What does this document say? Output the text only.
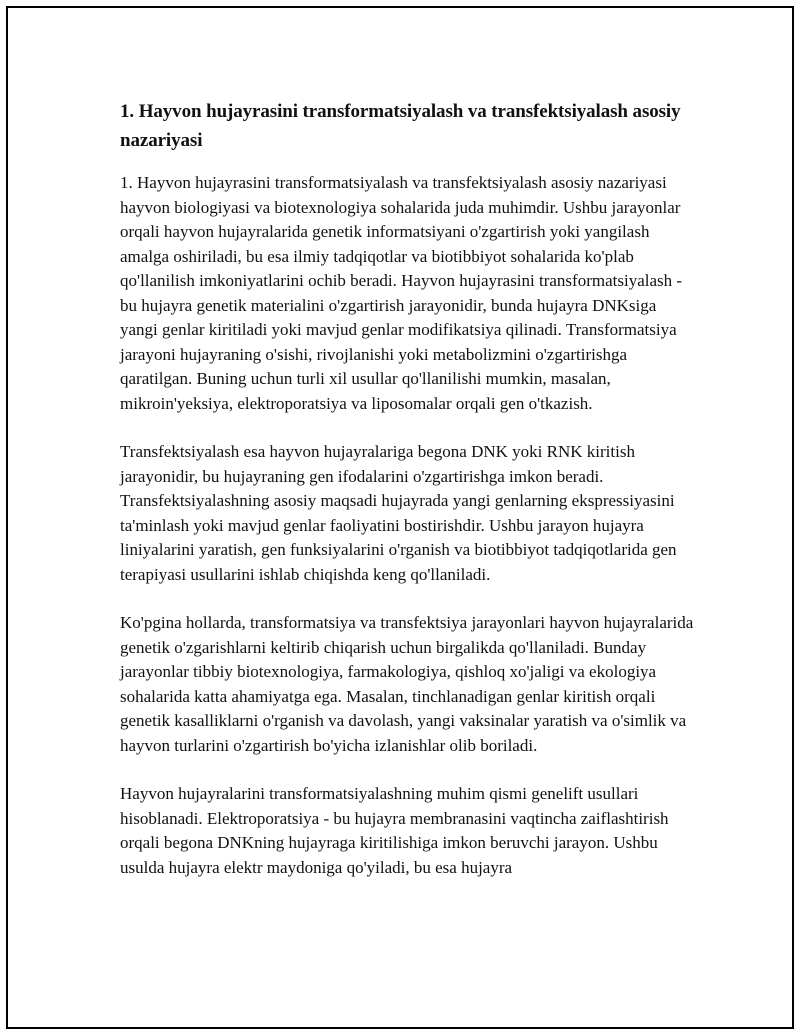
1. Hayvon hujayrasini transformatsiyalash va transfektsiyalash asosiy nazariyasi

1. Hayvon hujayrasini transformatsiyalash va transfektsiyalash asosiy nazariyasi hayvon biologiyasi va biotexnologiya sohalarida juda muhimdir. Ushbu jarayonlar orqali hayvon hujayralarida genetik informatsiyani o'zgartirish yoki yangilash amalga oshiriladi, bu esa ilmiy tadqiqotlar va biotibbiyot sohalarida ko'plab qo'llanilish imkoniyatlarini ochib beradi. Hayvon hujayrasini transformatsiyalash - bu hujayra genetik materialini o'zgartirish jarayonidir, bunda hujayra DNKsiga yangi genlar kiritiladi yoki mavjud genlar modifikatsiya qilinadi. Transformatsiya jarayoni hujayraning o'sishi, rivojlanishi yoki metabolizmini o'zgartirishga qaratilgan. Buning uchun turli xil usullar qo'llanilishi mumkin, masalan, mikroin'yeksiya, elektroporatsiya va liposomalar orqali gen o'tkazish.

Transfektsiyalash esa hayvon hujayralariga begona DNK yoki RNK kiritish jarayonidir, bu hujayraning gen ifodalarini o'zgartirishga imkon beradi. Transfektsiyalashning asosiy maqsadi hujayrada yangi genlarning ekspressiyasini ta'minlash yoki mavjud genlar faoliyatini bostirishdir. Ushbu jarayon hujayra liniyalarini yaratish, gen funksiyalarini o'rganish va biotibbiyot tadqiqotlarida gen terapiyasi usullarini ishlab chiqishda keng qo'llaniladi.

Ko'pgina hollarda, transformatsiya va transfektsiya jarayonlari hayvon hujayralarida genetik o'zgarishlarni keltirib chiqarish uchun birgalikda qo'llaniladi. Bunday jarayonlar tibbiy biotexnologiya, farmakologiya, qishloq xo'jaligi va ekologiya sohalarida katta ahamiyatga ega. Masalan, tinchlanadigan genlar kiritish orqali genetik kasalliklarni o'rganish va davolash, yangi vaksinalar yaratish va o'simlik va hayvon turlarini o'zgartirish bo'yicha izlanishlar olib boriladi.

Hayvon hujayralarini transformatsiyalashning muhim qismi genelift usullari hisoblanadi. Elektroporatsiya - bu hujayra membranasini vaqtincha zaiflashtirish orqali begona DNKning hujayraga kiritilishiga imkon beruvchi jarayon. Ushbu usulda hujayra elektr maydoniga qo'yiladi, bu esa hujayra
